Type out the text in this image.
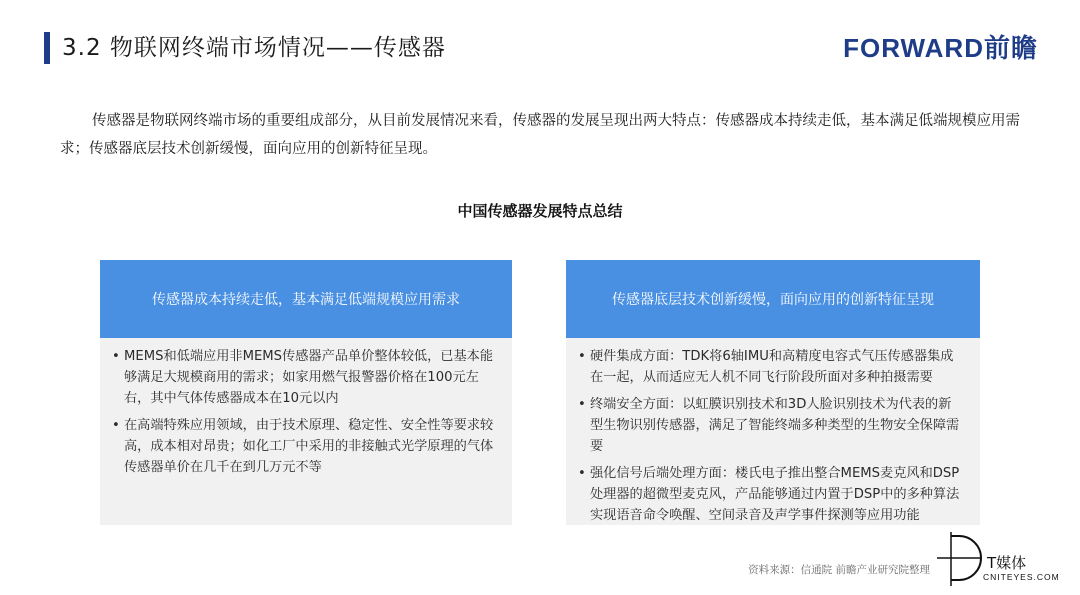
3.2 物联网终端市场情况——传感器	FORWARD前瞻

传感器是物联网终端市场的重要组成部分，从目前发展情况来看，传感器的发展呈现出两大特点：传感器成本持续走低，基本满足低端规模应用需求；传感器底层技术创新缓慢，面向应用的创新特征呈现。

中国传感器发展特点总结
传感器成本持续走低，基本满足低端规模应用需求
• MEMS和低端应用非MEMS传感器产品单价整体较低，已基本能够满足大规模商用的需求；如家用燃气报警器价格在100元左右，其中气体传感器成本在10元以内
• 在高端特殊应用领域，由于技术原理、稳定性、安全性等要求较高，成本相对昂贵；如化工厂中采用的非接触式光学原理的气体传感器单价在几千在到几万元不等
传感器底层技术创新缓慢，面向应用的创新特征呈现
• 硬件集成方面：TDK将6轴IMU和高精度电容式气压传感器集成在一起，从而适应无人机不同飞行阶段所面对多种拍摄需要
• 终端安全方面：以虹膜识别技术和3D人脸识别技术为代表的新型生物识别传感器，满足了智能终端多种类型的生物安全保障需要
• 强化信号后端处理方面：楼氏电子推出整合MEMS麦克风和DSP处理器的超微型麦克风，产品能够通过内置于DSP中的多种算法实现语音命令唤醒、空间录音及声学事件探测等应用功能
资料来源：信通院 前瞻产业研究院整理	T媒体
CNITEYES.COM
